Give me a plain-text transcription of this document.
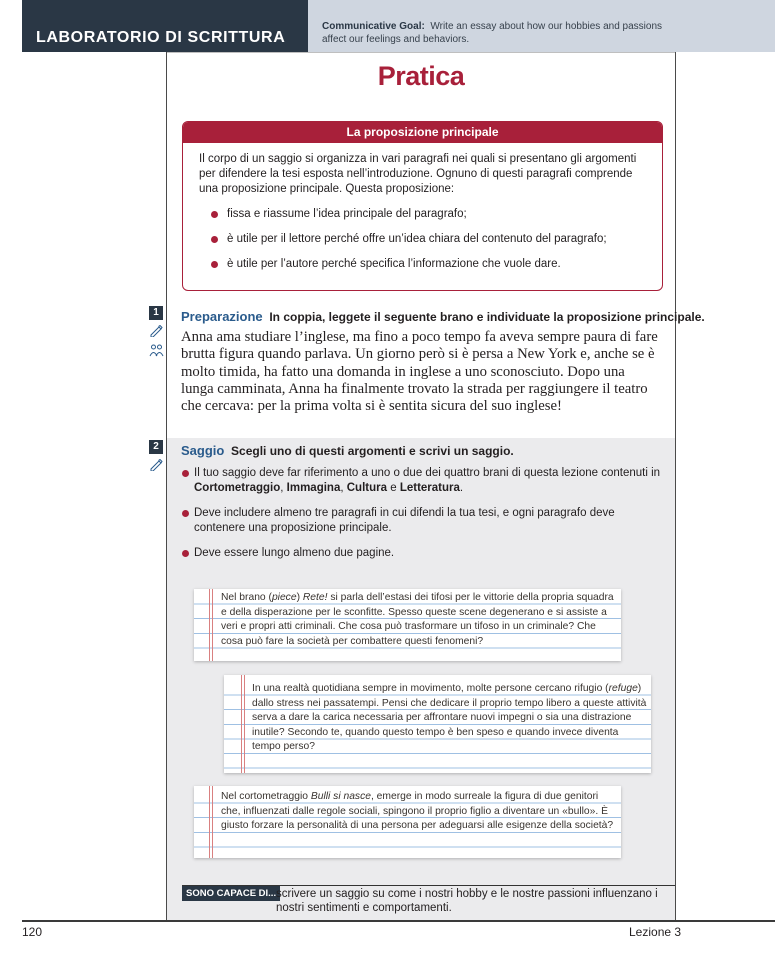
LABORATORIO DI SCRITTURA
Communicative Goal: Write an essay about how our hobbies and passions affect our feelings and behaviors.
Pratica
La proposizione principale
Il corpo di un saggio si organizza in vari paragrafi nei quali si presentano gli argomenti per difendere la tesi esposta nell’introduzione. Ognuno di questi paragrafi comprende una proposizione principale. Questa proposizione:
fissa e riassume l’idea principale del paragrafo;
è utile per il lettore perché offre un’idea chiara del contenuto del paragrafo;
è utile per l’autore perché specifica l’informazione che vuole dare.
1	Preparazione In coppia, leggete il seguente brano e individuate la proposizione principale.
Anna ama studiare l’inglese, ma fino a poco tempo fa aveva sempre paura di fare brutta figura quando parlava. Un giorno però si è persa a New York e, anche se è molto timida, ha fatto una domanda in inglese a uno sconosciuto. Dopo una lunga camminata, Anna ha finalmente trovato la strada per raggiungere il teatro che cercava: per la prima volta si è sentita sicura del suo inglese!
2	Saggio Scegli uno di questi argomenti e scrivi un saggio.
Il tuo saggio deve far riferimento a uno o due dei quattro brani di questa lezione contenuti in Cortometraggio, Immagina, Cultura e Letteratura.
Deve includere almeno tre paragrafi in cui difendi la tua tesi, e ogni paragrafo deve contenere una proposizione principale.
Deve essere lungo almeno due pagine.
Nel brano (piece) Rete! si parla dell’estasi dei tifosi per le vittorie della propria squadra e della disperazione per le sconfitte. Spesso queste scene degenerano e si assiste a veri e propri atti criminali. Che cosa può trasformare un tifoso in un criminale? Che cosa può fare la società per combattere questi fenomeni?
In una realtà quotidiana sempre in movimento, molte persone cercano rifugio (refuge) dallo stress nei passatempi. Pensi che dedicare il proprio tempo libero a queste attività serva a dare la carica necessaria per affrontare nuovi impegni o sia una distrazione inutile? Secondo te, quando questo tempo è ben speso e quando invece diventa tempo perso?
Nel cortometraggio Bulli si nasce, emerge in modo surreale la figura di due genitori che, influenzati dalle regole sociali, spingono il proprio figlio a diventare un «bullo». È giusto forzare la personalità di una persona per adeguarsi alle esigenze della società?
SONO CAPACE DI... scrivere un saggio su come i nostri hobby e le nostre passioni influenzano i nostri sentimenti e comportamenti.
120	Lezione 3
